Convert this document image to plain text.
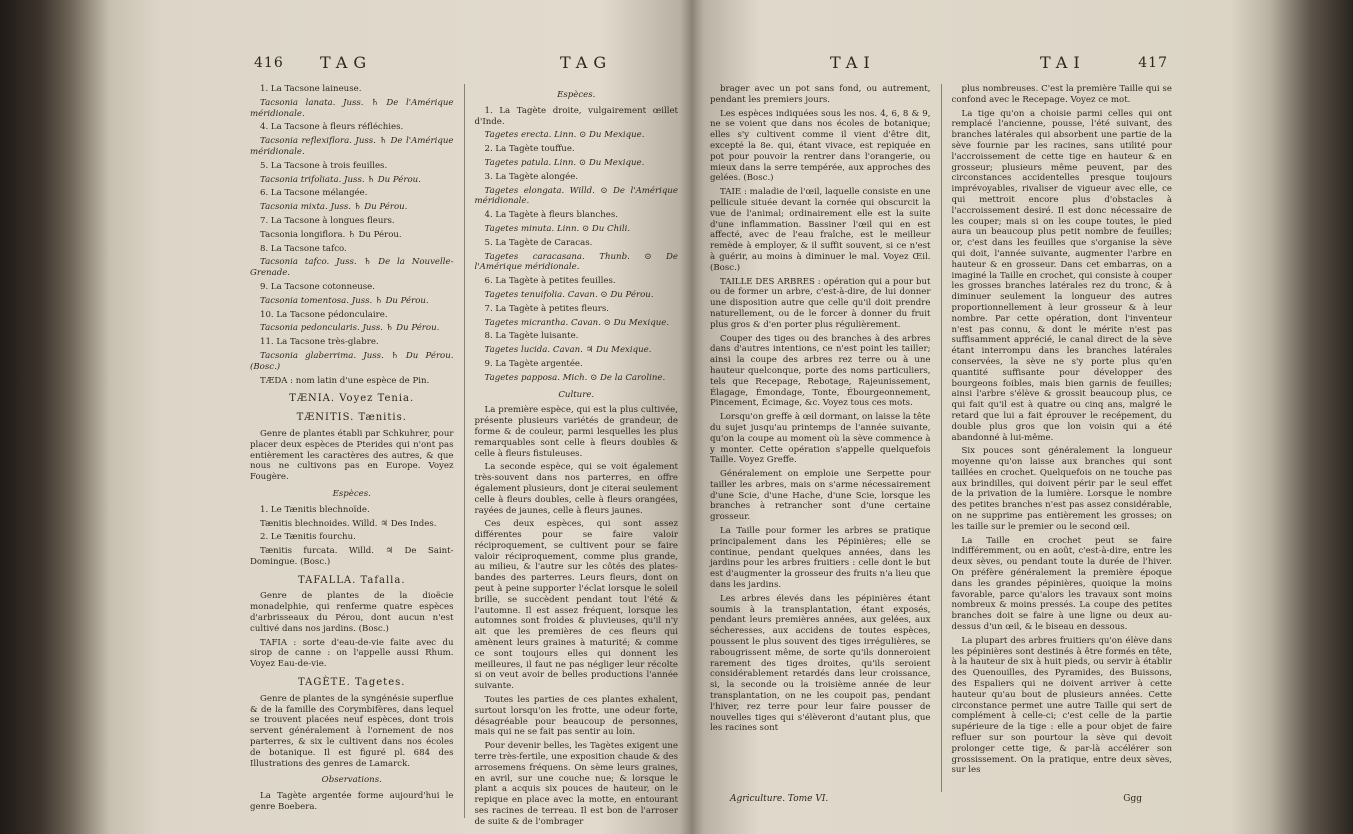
416 TAG	TAG

1. La Tacsone laineuse.

Tacsonia lanata. Juss. ♄ De l'Amérique méridionale.

4. La Tacsone à fleurs réfléchies.

Tacsonia reflexiflora. Juss. ♄ De l'Amérique méridionale.

5. La Tacsone à trois feuilles.

Tacsonia trifoliata. Juss. ♄ Du Pérou.

6. La Tacsone mélangée.

Tacsonia mixta. Juss. ♄ Du Pérou.

7. La Tacsone à longues fleurs.

Tacsonia longiflora. ♄ Du Pérou.

8. La Tacsone tafco.

Tacsonia tafco. Juss. ♄ De la Nouvelle-Grenade.

9. La Tacsone cotonneuse.

Tacsonia tomentosa. Juss. ♄ Du Pérou.

10. La Tacsone pédonculaire.

Tacsonia pedoncularis. Juss. ♄ Du Pérou.

11. La Tacsone très-glabre.

Tacsonia glaberrima. Juss. ♄ Du Pérou. (Bosc.)

TÆDA : nom latin d'une espèce de Pin.

TÆNIA. Voyez Tenia.

TÆNITIS. Tænitis.

Genre de plantes établi par Schkuhrer, pour placer deux espèces de Pterides qui n'ont pas entièrement les caractères des autres, & que nous ne cultivons pas en Europe. Voyez Fougère.

Espèces.

1. Le Tænitis blechnoïde.

Tænitis blechnoides. Willd. ♃ Des Indes.

2. Le Tænitis fourchu.

Tænitis furcata. Willd. ♃ De Saint-Domingue. (Bosc.)

TAFALLA. Tafalla.

Genre de plantes de la dioëcie monadelphie, qui renferme quatre espèces d'arbrisseaux du Pérou, dont aucun n'est cultivé dans nos jardins. (Bosc.)

TAFIA : sorte d'eau-de-vie faite avec du sirop de canne : on l'appelle aussi Rhum. Voyez Eau-de-vie.

TAGÈTE. Tagetes.

Genre de plantes de la syngénésie superflue & de la famille des Corymbifères, dans lequel se trouvent placées neuf espèces, dont trois servent généralement à l'ornement de nos parterres, & six le cultivent dans nos écoles de botanique. Il est figuré pl. 684 des Illustrations des genres de Lamarck.

Observations.

La Tagète argentée forme aujourd'hui le genre Boebera.

Espèces.

1. La Tagète droite, vulgairement œillet d'Inde.

Tagetes erecta. Linn. ⊙ Du Mexique.

2. La Tagète touffue.

Tagetes patula. Linn. ⊙ Du Mexique.

3. La Tagète alongée.

Tagetes elongata. Willd. ⊙ De l'Amérique méridionale.

4. La Tagète à fleurs blanches.

Tagetes minuta. Linn. ⊙ Du Chili.

5. La Tagète de Caracas.

Tagetes caracasana. Thunb. ⊙ De l'Amérique méridionale.

6. La Tagète à petites feuilles.

Tagetes tenuifolia. Cavan. ⊙ Du Pérou.

7. La Tagète à petites fleurs.

Tagetes micrantha. Cavan. ⊙ Du Mexique.

8. La Tagète luisante.

Tagetes lucida. Cavan. ♃ Du Mexique.

9. La Tagète argentée.

Tagetes papposa. Mich. ⊙ De la Caroline.

Culture.

La première espèce, qui est la plus cultivée, présente plusieurs variétés de grandeur, de forme & de couleur, parmi lesquelles les plus remarquables sont celle à fleurs doubles & celle à fleurs fistuleuses.

La seconde espèce, qui se voit également très-souvent dans nos parterres, en offre également plusieurs, dont je citerai seulement celle à fleurs doubles, celle à fleurs orangées, rayées de jaunes, celle à fleurs jaunes.

Ces deux espèces, qui sont assez différentes pour se faire valoir réciproquement, se cultivent pour se faire valoir réciproquement, comme plus grande, au milieu, & l'autre sur les côtés des plates-bandes des parterres. Leurs fleurs, dont on peut à peine supporter l'éclat lorsque le soleil brille, se succèdent pendant tout l'été & l'automne. Il est assez fréquent, lorsque les automnes sont froides & pluvieuses, qu'il n'y ait que les premières de ces fleurs qui amènent leurs graines à maturité; & comme ce sont toujours elles qui donnent les meilleures, il faut ne pas négliger leur récolte si on veut avoir de belles productions l'année suivante.

Toutes les parties de ces plantes exhalent, surtout lorsqu'on les frotte, une odeur forte, désagréable pour beaucoup de personnes, mais qui ne se fait pas sentir au loin.

Pour devenir belles, les Tagètes exigent une terre très-fertile, une exposition chaude & des arrosemens fréquens. On sème leurs graines, en avril, sur une couche nue; & lorsque le plant a acquis six pouces de hauteur, on le repique en place avec la motte, en entourant ses racines de terreau. Il est bon de l'arroser de suite & de l'ombrager

TAI	TAI	417

brager avec un pot sans fond, ou autrement, pendant les premiers jours.

Les espèces indiquées sous les nos. 4, 6, 8 & 9, ne se voient que dans nos écoles de botanique; elles s'y cultivent comme il vient d'être dit, excepté la 8e. qui, étant vivace, est repiquée en pot pour pouvoir la rentrer dans l'orangerie, ou mieux dans la serre tempérée, aux approches des gelées. (Bosc.)

TAIE : maladie de l'œil, laquelle consiste en une pellicule située devant la cornée qui obscurcit la vue de l'animal; ordinairement elle est la suite d'une inflammation. Bassiner l'œil qui en est affecté, avec de l'eau fraîche, est le meilleur remède à employer, & il suffit souvent, si ce n'est à guérir, au moins à diminuer le mal. Voyez Œil. (Bosc.)

TAILLE DES ARBRES : opération qui a pour but ou de former un arbre, c'est-à-dire, de lui donner une disposition autre que celle qu'il doit prendre naturellement, ou de le forcer à donner du fruit plus gros & d'en porter plus régulièrement.

Couper des tiges ou des branches à des arbres dans d'autres intentions, ce n'est point les tailler; ainsi la coupe des arbres rez terre ou à une hauteur quelconque, porte des noms particuliers, tels que Recepage, Rebotage, Rajeunissement, Élagage, Émondage, Tonte, Ébourgeonnement, Pincement, Écimage, &c. Voyez tous ces mots.

Lorsqu'on greffe à œil dormant, on laisse la tête du sujet jusqu'au printemps de l'année suivante, qu'on la coupe au moment où la sève commence à y monter. Cette opération s'appelle quelquefois Taille. Voyez Greffe.

Généralement on emploie une Serpette pour tailler les arbres, mais on s'arme nécessairement d'une Scie, d'une Hache, d'une Scie, lorsque les branches à retrancher sont d'une certaine grosseur.

La Taille pour former les arbres se pratique principalement dans les Pépinières; elle se continue, pendant quelques années, dans les jardins pour les arbres fruitiers : celle dont le but est d'augmenter la grosseur des fruits n'a lieu que dans les jardins.

Les arbres élevés dans les pépinières étant soumis à la transplantation, étant exposés, pendant leurs premières années, aux gelées, aux sécheresses, aux accidens de toutes espèces, poussent le plus souvent des tiges irrégulières, se rabougrissent même, de sorte qu'ils donneroient rarement des tiges droites, qu'ils seroient considérablement retardés dans leur croissance, si, la seconde ou la troisième année de leur transplantation, on ne les coupoit pas, pendant l'hiver, rez terre pour leur faire pousser de nouvelles tiges qui s'élèveront d'autant plus, que les racines sont

plus nombreuses. C'est la première Taille qui se confond avec le Recepage. Voyez ce mot.

La tige qu'on a choisie parmi celles qui ont remplacé l'ancienne, pousse, l'été suivant, des branches latérales qui absorbent une partie de la sève fournie par les racines, sans utilité pour l'accroissement de cette tige en hauteur & en grosseur; plusieurs même peuvent, par des circonstances accidentelles presque toujours imprévoyables, rivaliser de vigueur avec elle, ce qui mettroit encore plus d'obstacles à l'accroissement desiré. Il est donc nécessaire de les couper; mais si on les coupe toutes, le pied aura un beaucoup plus petit nombre de feuilles; or, c'est dans les feuilles que s'organise la sève qui doit, l'année suivante, augmenter l'arbre en hauteur & en grosseur. Dans cet embarras, on a imaginé la Taille en crochet, qui consiste à couper les grosses branches latérales rez du tronc, & à diminuer seulement la longueur des autres proportionnellement à leur grosseur & à leur nombre. Par cette opération, dont l'inventeur n'est pas connu, & dont le mérite n'est pas suffisamment apprécié, le canal direct de la sève étant interrompu dans les branches latérales conservées, la sève ne s'y porte plus qu'en quantité suffisante pour développer des bourgeons foibles, mais bien garnis de feuilles; ainsi l'arbre s'élève & grossit beaucoup plus, ce qui fait qu'il est à quatre ou cinq ans, malgré le retard que lui a fait éprouver le recépement, du double plus gros que lon voisin qui a été abandonné à lui-même.

Six pouces sont généralement la longueur moyenne qu'on laisse aux branches qui sont taillées en crochet. Quelquefois on ne touche pas aux brindilles, qui doivent périr par le seul effet de la privation de la lumière. Lorsque le nombre des petites branches n'est pas assez considérable, on ne supprime pas entièrement les grosses; on les taille sur le premier ou le second œil.

La Taille en crochet peut se faire indifféremment, ou en août, c'est-à-dire, entre les deux sèves, ou pendant toute la durée de l'hiver. On préfère généralement la première époque dans les grandes pépinières, quoique la moins favorable, parce qu'alors les travaux sont moins nombreux & moins pressés. La coupe des petites branches doit se faire à une ligne ou deux au-dessus d'un œil, & le biseau en dessous.

La plupart des arbres fruitiers qu'on élève dans les pépinières sont destinés à être formés en tête, à la hauteur de six à huit pieds, ou servir à établir des Quenouilles, des Pyramides, des Buissons, des Espaliers qui ne doivent arriver à cette hauteur qu'au bout de plusieurs années. Cette circonstance permet une autre Taille qui sert de complément à celle-ci; c'est celle de la partie supérieure de la tige : elle a pour objet de faire refluer sur son pourtour la sève qui devoit prolonger cette tige, & par-là accélérer son grossissement. On la pratique, entre deux sèves, sur les

Agriculture. Tome VI.	Ggg
